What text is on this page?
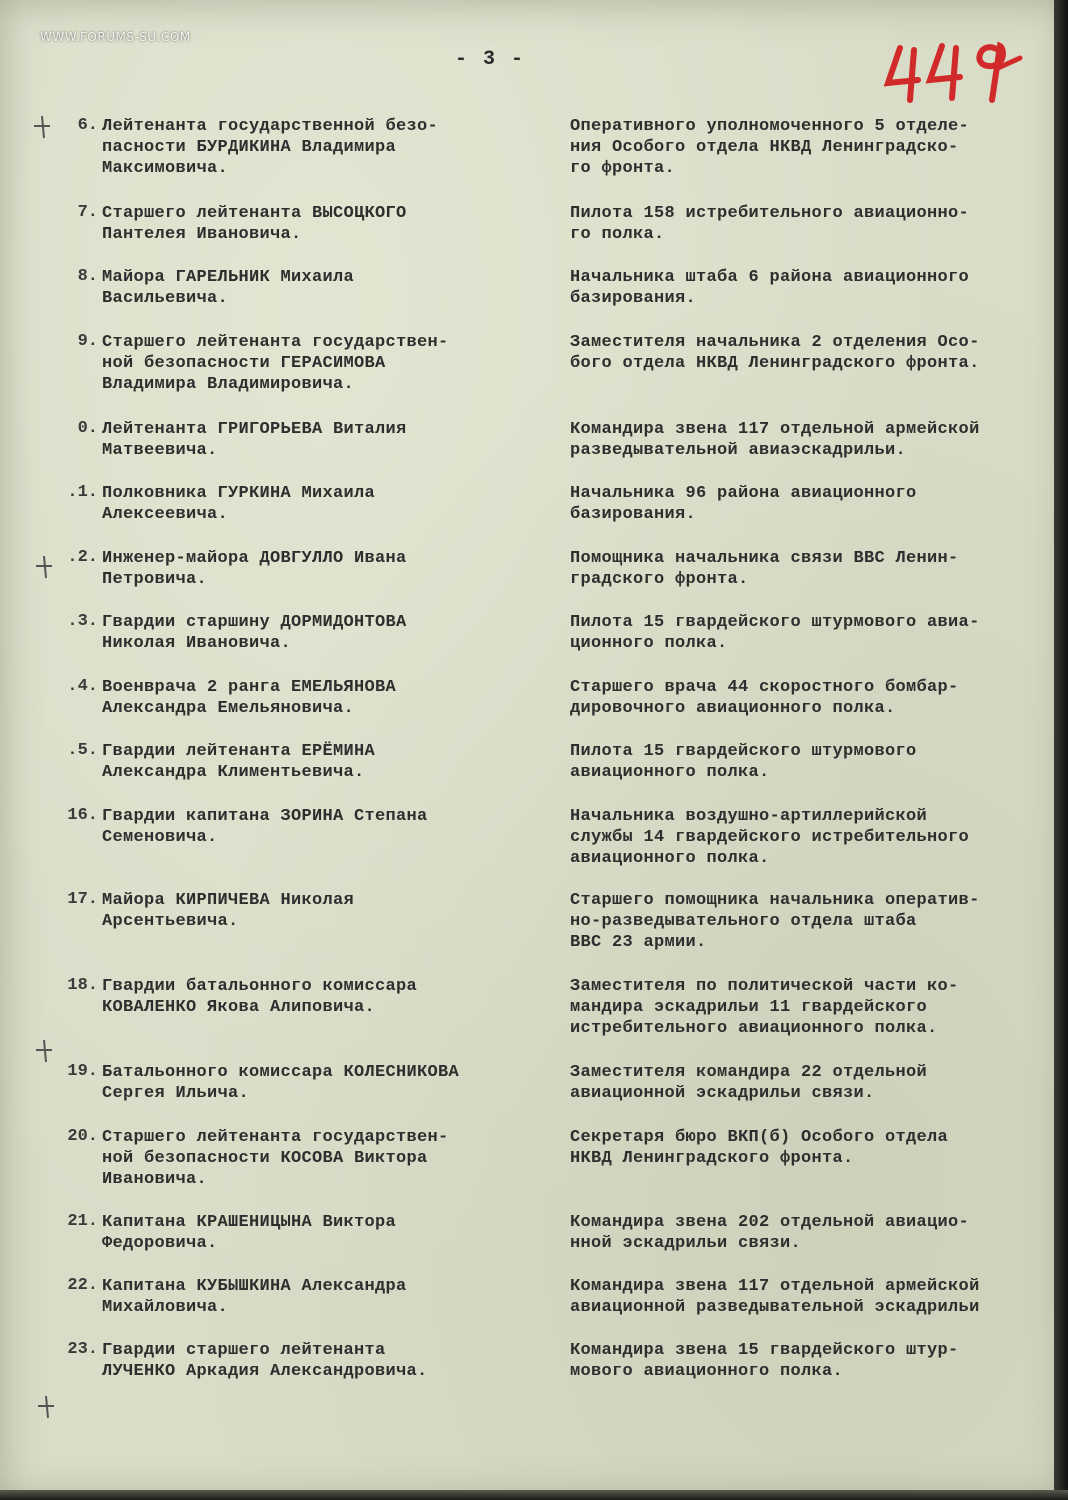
WWW.FORUMS-SU.COM
- 3 -
6. Лейтенанта государственной безо-
пасности БУРДИКИНА Владимира
Максимовича.
Оперативного уполномоченного 5 отделе-
ния Особого отдела НКВД Ленинградско-
го фронта.
7. Старшего лейтенанта ВЫСОЦКОГО
Пантелея Ивановича.
Пилота 158 истребительного авиационно-
го полка.
8. Майора ГАРЕЛЬНИК Михаила
Васильевича.
Начальника штаба 6 района авиационного
базирования.
9. Старшего лейтенанта государствен-
ной безопасности ГЕРАСИМОВА
Владимира Владимировича.
Заместителя начальника 2 отделения Осо-
бого отдела НКВД Ленинградского фронта.
0. Лейтенанта ГРИГОРЬЕВА Виталия
Матвеевича.
Командира звена 117 отдельной армейской
разведывательной авиаэскадрильи.
.1. Полковника ГУРКИНА Михаила
Алексеевича.
Начальника 96 района авиационного
базирования.
.2. Инженер-майора ДОВГУЛЛО Ивана
Петровича.
Помощника начальника связи ВВС Ленин-
градского фронта.
.3. Гвардии старшину ДОРМИДОНТОВА
Николая Ивановича.
Пилота 15 гвардейского штурмового авиа-
ционного полка.
.4. Военврача 2 ранга ЕМЕЛЬЯНОВА
Александра Емельяновича.
Старшего врача 44 скоростного бомбар-
дировочного авиационного полка.
.5. Гвардии лейтенанта ЕРЁМИНА
Александра Климентьевича.
Пилота 15 гвардейского штурмового
авиационного полка.
16. Гвардии капитана ЗОРИНА Степана
Семеновича.
Начальника воздушно-артиллерийской
службы 14 гвардейского истребительного
авиационного полка.
17. Майора КИРПИЧЕВА Николая
Арсентьевича.
Старшего помощника начальника оператив-
но-разведывательного отдела штаба
ВВС 23 армии.
18. Гвардии батальонного комиссара
КОВАЛЕНКО Якова Алиповича.
Заместителя по политической части ко-
мандира эскадрильи 11 гвардейского
истребительного авиационного полка.
19. Батальонного комиссара КОЛЕСНИКОВА
Сергея Ильича.
Заместителя командира 22 отдельной
авиационной эскадрильи связи.
20. Старшего лейтенанта государствен-
ной безопасности КОСОВА Виктора
Ивановича.
Секретаря бюро ВКП(б) Особого отдела
НКВД Ленинградского фронта.
21. Капитана КРАШЕНИЦЫНА Виктора
Федоровича.
Командира звена 202 отдельной авиацио-
нной эскадрильи связи.
22. Капитана КУБЫШКИНА Александра
Михайловича.
Командира звена 117 отдельной армейской
авиационной разведывательной эскадрильи
23. Гвардии старшего лейтенанта
ЛУЧЕНКО Аркадия Александровича.
Командира звена 15 гвардейского штур-
мового авиационного полка.
